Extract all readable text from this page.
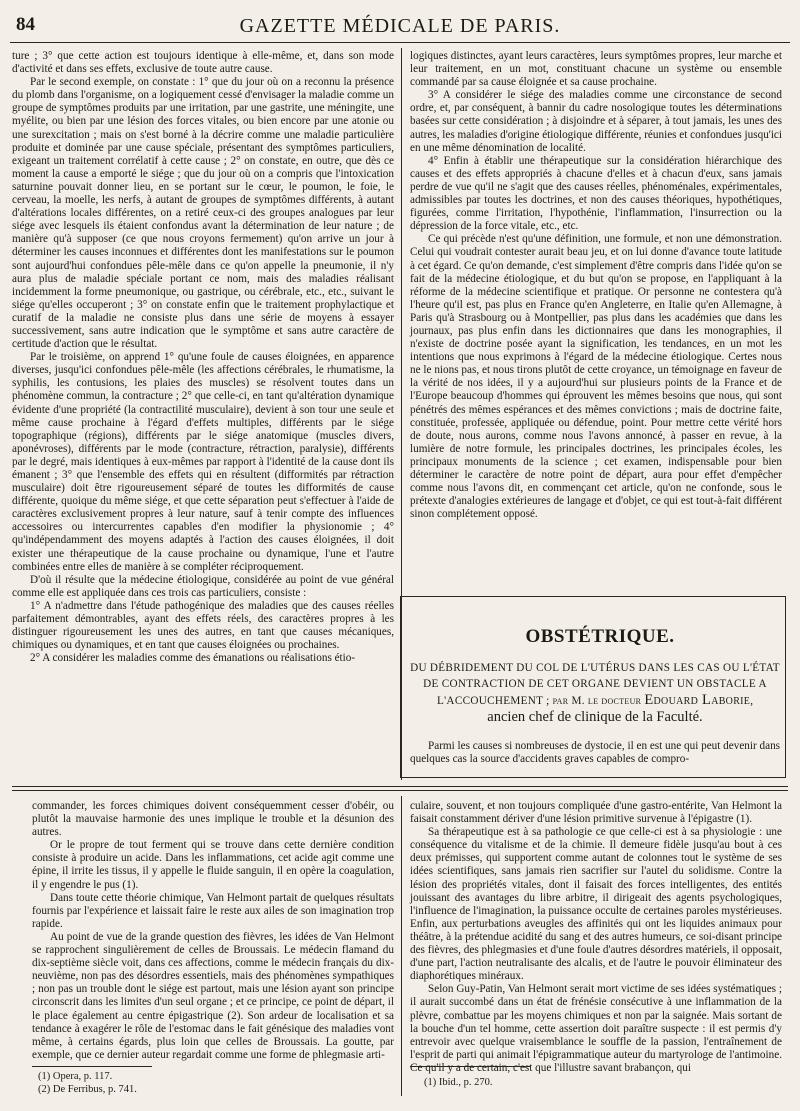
84	GAZETTE MÉDICALE DE PARIS.

ture ; 3° que cette action est toujours identique à elle-même, et, dans son mode d'activité et dans ses effets, exclusive de toute autre cause.

Par le second exemple, on constate : 1° que du jour où on a reconnu la présence du plomb dans l'organisme, on a logiquement cessé d'envisager la maladie comme un groupe de symptômes produits par une irritation, par une gastrite, une méningite, une myélite, ou bien par une lésion des forces vitales, ou bien encore par une atonie ou une surexcitation ; mais on s'est borné à la décrire comme une maladie particulière produite et dominée par une cause spéciale, présentant des symptômes particuliers, exigeant un traitement corrélatif à cette cause ; 2° on constate, en outre, que dès ce moment la cause a emporté le siége ; que du jour où on a compris que l'intoxication saturnine pouvait donner lieu, en se portant sur le cœur, le poumon, le foie, le cerveau, la moelle, les nerfs, à autant de groupes de symptômes différents, à autant d'altérations locales différentes, on a retiré ceux-ci des groupes analogues par leur siége avec lesquels ils étaient confondus avant la détermination de leur nature ; de manière qu'à supposer (ce que nous croyons fermement) qu'on arrive un jour à déterminer les causes inconnues et différentes dont les manifestations sur le poumon sont aujourd'hui confondues pêle-mêle dans ce qu'on appelle la pneumonie, il n'y aura plus de maladie spéciale portant ce nom, mais des maladies réalisant incidemment la forme pneumonique, ou gastrique, ou cérébrale, etc., etc., suivant le siége qu'elles occuperont ; 3° on constate enfin que le traitement prophylactique et curatif de la maladie ne consiste plus dans une série de moyens à essayer successivement, sans autre indication que le symptôme et sans autre caractère de certitude d'action que le résultat.

Par le troisième, on apprend 1° qu'une foule de causes éloignées, en apparence diverses, jusqu'ici confondues pêle-mêle (les affections cérébrales, le rhumatisme, la syphilis, les contusions, les plaies des muscles) se résolvent toutes dans un phénomène commun, la contracture ; 2° que celle-ci, en tant qu'altération dynamique évidente d'une propriété (la contractilité musculaire), devient à son tour une seule et même cause prochaine à l'égard d'effets multiples, différents par le siége topographique (régions), différents par le siége anatomique (muscles divers, aponévroses), différents par le mode (contracture, rétraction, paralysie), différents par le degré, mais identiques à eux-mêmes par rapport à l'identité de la cause dont ils émanent ; 3° que l'ensemble des effets qui en résultent (difformités par rétraction musculaire) doit être rigoureusement séparé de toutes les difformités de cause différente, quoique du même siége, et que cette séparation peut s'effectuer à l'aide de caractères exclusivement propres à leur nature, sauf à tenir compte des influences accessoires ou intercurrentes capables d'en modifier la physionomie ; 4° qu'indépendamment des moyens adaptés à l'action des causes éloignées, il doit exister une thérapeutique de la cause prochaine ou dynamique, l'une et l'autre combinées entre elles de manière à se compléter réciproquement.

D'où il résulte que la médecine étiologique, considérée au point de vue général comme elle est appliquée dans ces trois cas particuliers, consiste :

1° A n'admettre dans l'étude pathogénique des maladies que des causes réelles parfaitement démontrables, ayant des effets réels, des caractères propres à les distinguer rigoureusement les unes des autres, en tant que causes mécaniques, chimiques ou dynamiques, et en tant que causes éloignées ou prochaines.

2° A considérer les maladies comme des émanations ou réalisations étio-

logiques distinctes, ayant leurs caractères, leurs symptômes propres, leur marche et leur traitement, en un mot, constituant chacune un système ou ensemble commandé par sa cause éloignée et sa cause prochaine.

3° A considérer le siége des maladies comme une circonstance de second ordre, et, par conséquent, à bannir du cadre nosologique toutes les déterminations basées sur cette considération ; à disjoindre et à séparer, à tout jamais, les unes des autres, les maladies d'origine étiologique différente, réunies et confondues jusqu'ici en une même dénomination de localité.

4° Enfin à établir une thérapeutique sur la considération hiérarchique des causes et des effets appropriés à chacune d'elles et à chacun d'eux, sans jamais perdre de vue qu'il ne s'agit que des causes réelles, phénoménales, expérimentales, admissibles par toutes les doctrines, et non des causes théoriques, hypothétiques, figurées, comme l'irritation, l'hypothénie, l'inflammation, l'insurrection ou la dépression de la force vitale, etc., etc.

Ce qui précède n'est qu'une définition, une formule, et non une démonstration. Celui qui voudrait contester aurait beau jeu, et on lui donne d'avance toute latitude à cet égard. Ce qu'on demande, c'est simplement d'être compris dans l'idée qu'on se fait de la médecine étiologique, et du but qu'on se propose, en l'appliquant à la réforme de la médecine scientifique et pratique. Or personne ne contestera qu'à l'heure qu'il est, pas plus en France qu'en Angleterre, en Italie qu'en Allemagne, à Paris qu'à Strasbourg ou à Montpellier, pas plus dans les académies que dans les journaux, pas plus enfin dans les dictionnaires que dans les monographies, il n'existe de doctrine posée ayant la signification, les tendances, en un mot les intentions que nous exprimons à l'égard de la médecine étiologique. Certes nous ne le nions pas, et nous tirons plutôt de cette croyance, un témoignage en faveur de la vérité de nos idées, il y a aujourd'hui sur plusieurs points de la France et de l'Europe beaucoup d'hommes qui éprouvent les mêmes besoins que nous, qui sont pénétrés des mêmes espérances et des mêmes convictions ; mais de doctrine faite, constituée, professée, appliquée ou défendue, point. Pour mettre cette vérité hors de doute, nous aurons, comme nous l'avons annoncé, à passer en revue, à la lumière de notre formule, les principales doctrines, les principales écoles, les principaux monuments de la science ; cet examen, indispensable pour bien déterminer le caractère de notre point de départ, aura pour effet d'empêcher comme nous l'avons dit, en commençant cet article, qu'on ne confonde, sous le prétexte d'analogies extérieures de langage et d'objet, ce qui est tout-à-fait différent sinon complétement opposé.

OBSTÉTRIQUE.
DU DÉBRIDEMENT DU COL DE L'UTÉRUS DANS LES CAS OU L'ÉTAT
DE CONTRACTION DE CET ORGANE DEVIENT UN OBSTACLE A
L'ACCOUCHEMENT ; par M. le docteur Edouard Laborie,
ancien chef de clinique de la Faculté.

Parmi les causes si nombreuses de dystocie, il en est une qui peut devenir dans quelques cas la source d'accidents graves capables de compro-

commander, les forces chimiques doivent conséquemment cesser d'obéir, ou plutôt la mauvaise harmonie des unes implique le trouble et la désunion des autres.

Or le propre de tout ferment qui se trouve dans cette dernière condition consiste à produire un acide. Dans les inflammations, cet acide agit comme une épine, il irrite les tissus, il y appelle le fluide sanguin, il en opère la coagulation, il y engendre le pus (1).

Dans toute cette théorie chimique, Van Helmont partait de quelques résultats fournis par l'expérience et laissait faire le reste aux ailes de son imagination trop rapide.

Au point de vue de la grande question des fièvres, les idées de Van Helmont se rapprochent singulièrement de celles de Broussais. Le médecin flamand du dix-septième siècle voit, dans ces affections, comme le médecin français du dix-neuvième, non pas des désordres essentiels, mais des phénomènes sympathiques ; non pas un trouble dont le siége est partout, mais une lésion ayant son principe circonscrit dans les limites d'un seul organe ; et ce principe, ce point de départ, il le place également au centre épigastrique (2). Son ardeur de localisation et sa tendance à exagérer le rôle de l'estomac dans le fait génésique des maladies vont même, à certains égards, plus loin que celles de Broussais. La goutte, par exemple, que ce dernier auteur regardait comme une forme de phlegmasie arti-

culaire, souvent, et non toujours compliquée d'une gastro-entérite, Van Helmont la faisait constamment dériver d'une lésion primitive survenue à l'épigastre (1).

Sa thérapeutique est à sa pathologie ce que celle-ci est à sa physiologie : une conséquence du vitalisme et de la chimie. Il demeure fidèle jusqu'au bout à ces deux prémisses, qui supportent comme autant de colonnes tout le système de ses idées scientifiques, sans jamais rien sacrifier sur l'autel du solidisme. Contre la lésion des propriétés vitales, dont il faisait des forces intelligentes, des entités jouissant des avantages du libre arbitre, il dirigeait des agents psychologiques, l'influence de l'imagination, la puissance occulte de certaines paroles mystérieuses. Enfin, aux perturbations aveugles des affinités qui ont les liquides animaux pour théâtre, à la prétendue acidité du sang et des autres humeurs, ce soi-disant principe des fièvres, des phlegmasies et d'une foule d'autres désordres matériels, il opposait, d'une part, l'action neutralisante des alcalis, et de l'autre le pouvoir éliminateur des diaphorétiques minéraux.

Selon Guy-Patin, Van Helmont serait mort victime de ses idées systématiques ; il aurait succombé dans un état de frénésie consécutive à une inflammation de la plèvre, combattue par les moyens chimiques et non par la saignée. Mais sortant de la bouche d'un tel homme, cette assertion doit paraître suspecte : il est permis d'y entrevoir avec quelque vraisemblance le souffle de la passion, l'entraînement de l'esprit de parti qui animait l'épigrammatique auteur du martyrologe de l'antimoine. Ce qu'il y a de certain, c'est que l'illustre savant brabançon, qui

(1) Opera, p. 117.
(2) De Ferribus, p. 741.
(1) Ibid., p. 270.
